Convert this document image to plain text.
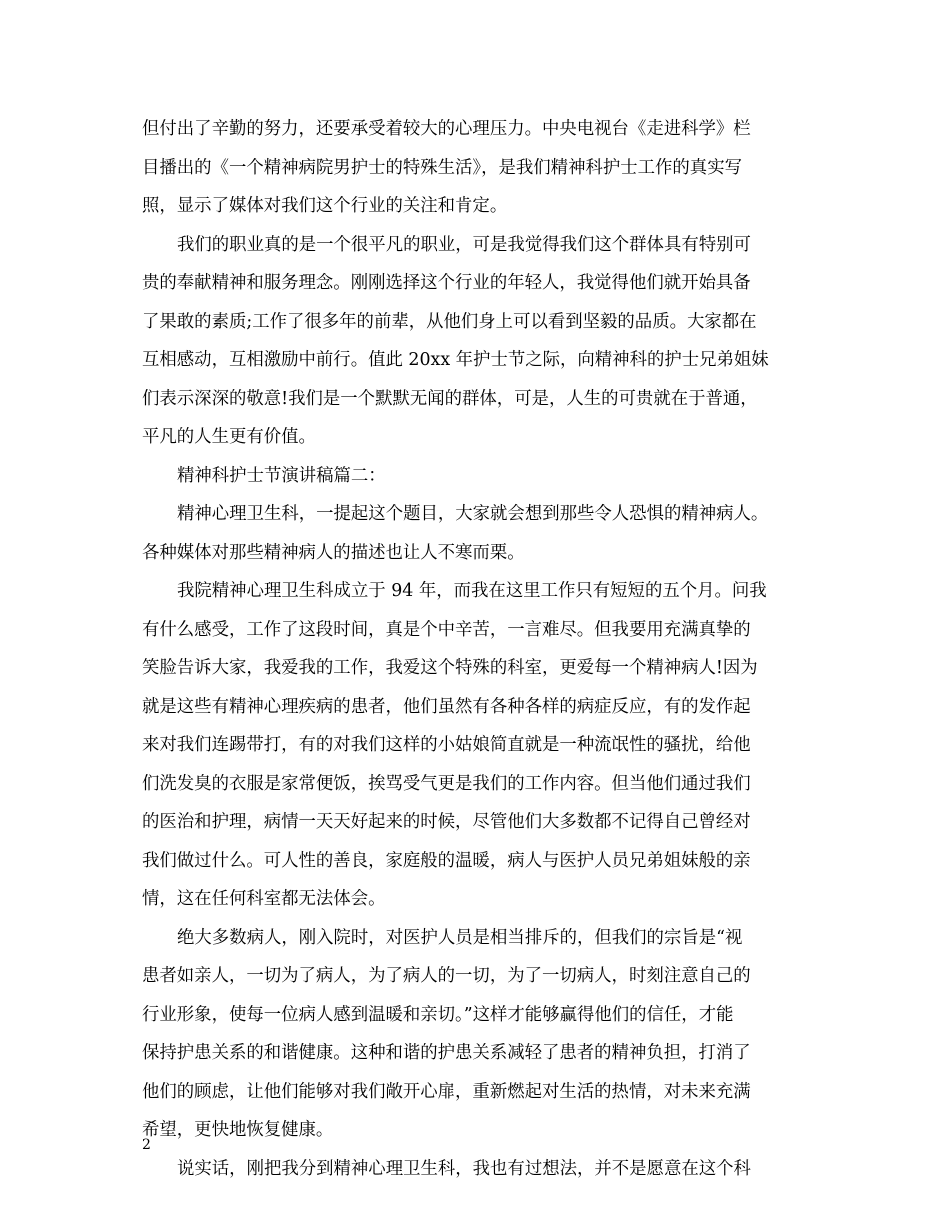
但付出了辛勤的努力，还要承受着较大的心理压力。中央电视台《走进科学》栏
目播出的《一个精神病院男护士的特殊生活》，是我们精神科护士工作的真实写
照，显示了媒体对我们这个行业的关注和肯定。
我们的职业真的是一个很平凡的职业，可是我觉得我们这个群体具有特别可
贵的奉献精神和服务理念。刚刚选择这个行业的年轻人，我觉得他们就开始具备
了果敢的素质;工作了很多年的前辈，从他们身上可以看到坚毅的品质。大家都在
互相感动，互相激励中前行。值此 20xx 年护士节之际，向精神科的护士兄弟姐妹
们表示深深的敬意!我们是一个默默无闻的群体，可是，人生的可贵就在于普通，
平凡的人生更有价值。
精神科护士节演讲稿篇二：
精神心理卫生科，一提起这个题目，大家就会想到那些令人恐惧的精神病人。
各种媒体对那些精神病人的描述也让人不寒而栗。
我院精神心理卫生科成立于 94 年，而我在这里工作只有短短的五个月。问我
有什么感受，工作了这段时间，真是个中辛苦，一言难尽。但我要用充满真挚的
笑脸告诉大家，我爱我的工作，我爱这个特殊的科室，更爱每一个精神病人!因为
就是这些有精神心理疾病的患者，他们虽然有各种各样的病症反应，有的发作起
来对我们连踢带打，有的对我们这样的小姑娘简直就是一种流氓性的骚扰，给他
们洗发臭的衣服是家常便饭，挨骂受气更是我们的工作内容。但当他们通过我们
的医治和护理，病情一天天好起来的时候，尽管他们大多数都不记得自己曾经对
我们做过什么。可人性的善良，家庭般的温暖，病人与医护人员兄弟姐妹般的亲
情，这在任何科室都无法体会。
绝大多数病人，刚入院时，对医护人员是相当排斥的，但我们的宗旨是“视
患者如亲人，一切为了病人，为了病人的一切，为了一切病人，时刻注意自己的
行业形象，使每一位病人感到温暖和亲切。”这样才能够赢得他们的信任，才能
保持护患关系的和谐健康。这种和谐的护患关系减轻了患者的精神负担，打消了
他们的顾虑，让他们能够对我们敞开心扉，重新燃起对生活的热情，对未来充满
希望，更快地恢复健康。
说实话，刚把我分到精神心理卫生科，我也有过想法，并不是愿意在这个科
2
